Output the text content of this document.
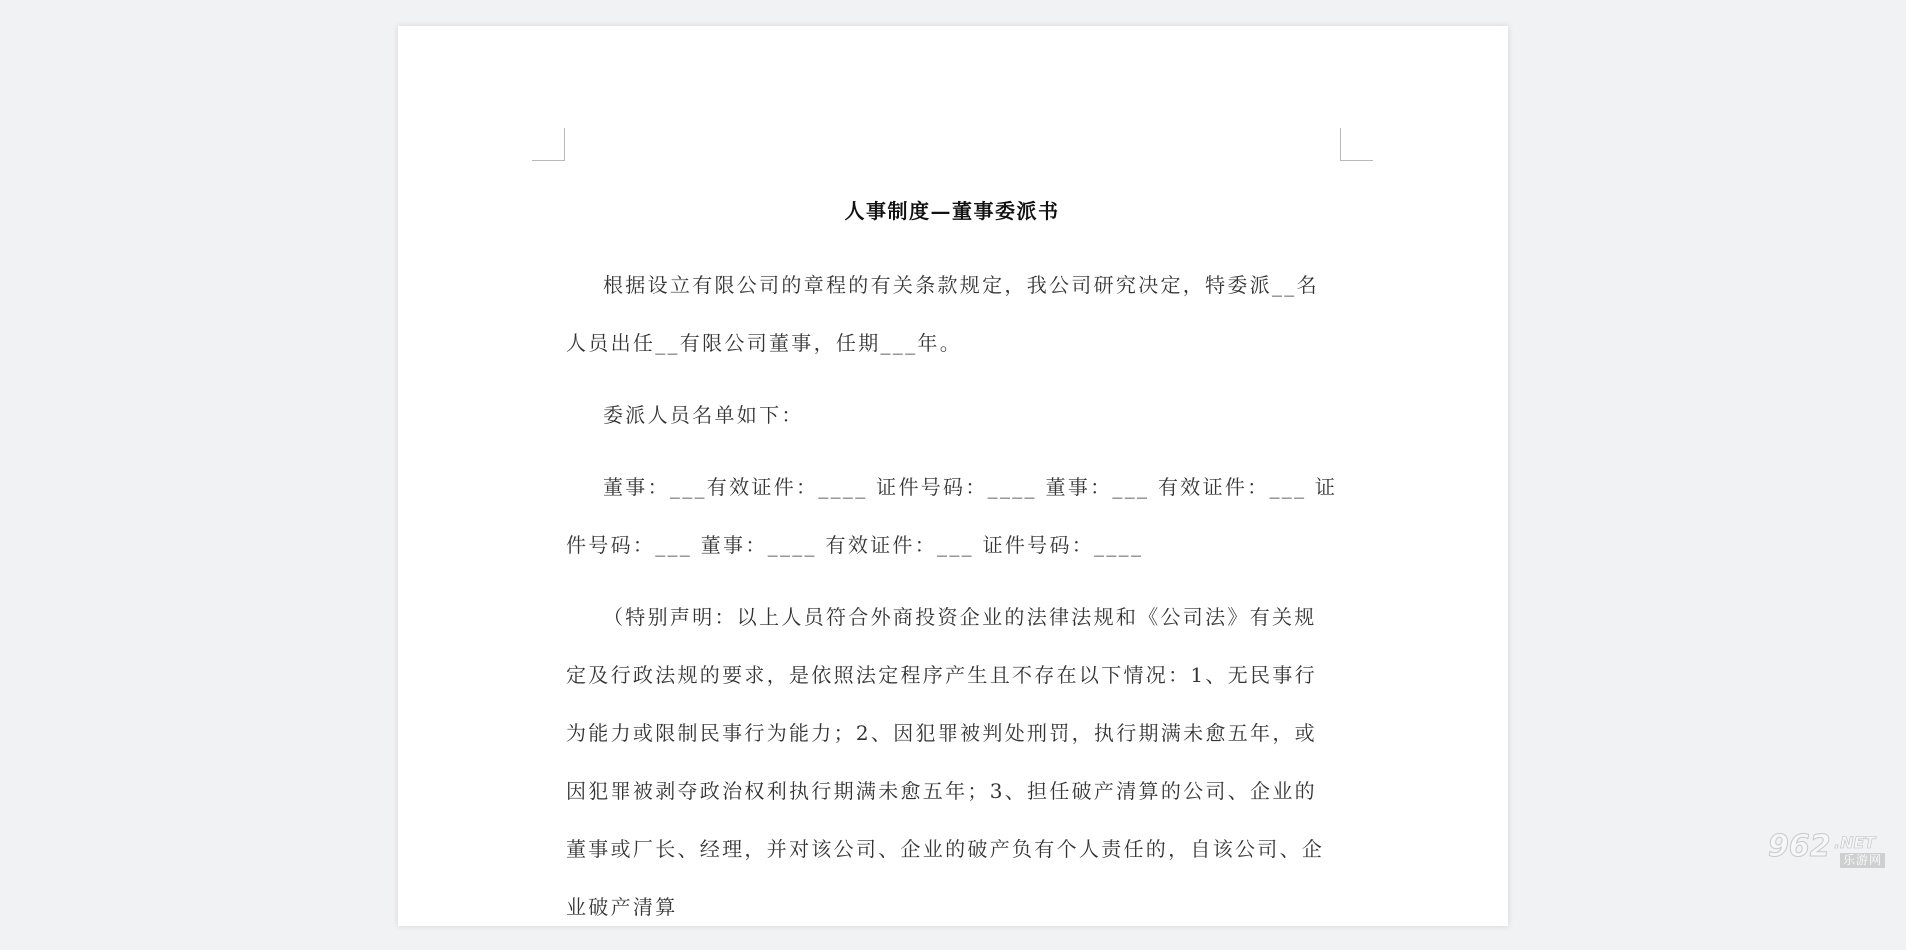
人事制度—董事委派书
根据设立有限公司的章程的有关条款规定，我公司研究决定，特委派__名人员出任__有限公司董事，任期___年。
委派人员名单如下：
董事：___有效证件：____ 证件号码：____ 董事：___ 有效证件：___ 证件号码：___ 董事：____ 有效证件：___ 证件号码：____
（特别声明：以上人员符合外商投资企业的法律法规和《公司法》有关规定及行政法规的要求，是依照法定程序产生且不存在以下情况：1、无民事行为能力或限制民事行为能力；2、因犯罪被判处刑罚，执行期满未愈五年，或因犯罪被剥夺政治权利执行期满未愈五年；3、担任破产清算的公司、企业的董事或厂长、经理，并对该公司、企业的破产负有个人责任的，自该公司、企业破产清算
962 .NET
乐游网
